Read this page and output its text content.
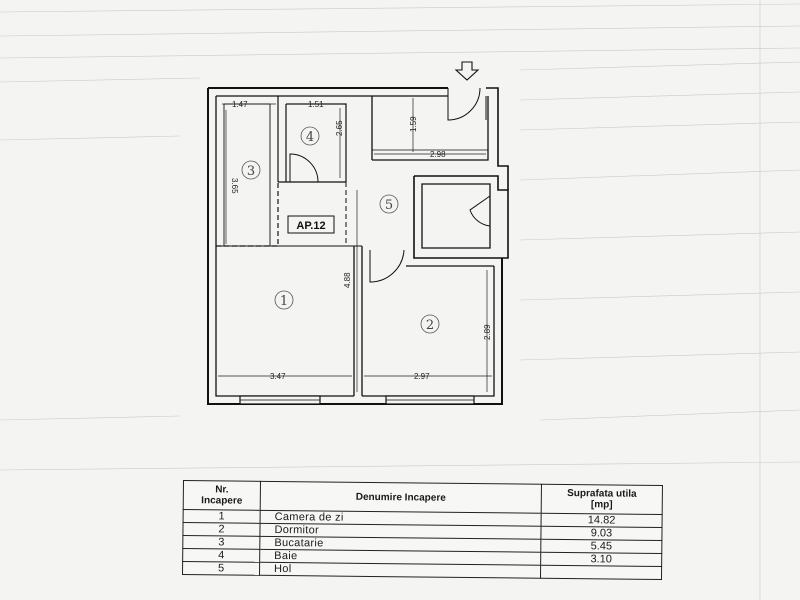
1.47	1.51
3.65
2.65	1.59
2.98
4.88
2.89
3.47	2.97
AP.12
1
2
3
4
5
Nr.
Incapere	Denumire Incapere	Suprafata utila
[mp]
1	Camera de zi	14.82
2	Dormitor	9.03
3	Bucatarie	5.45
4	Baie	3.10
5	Hol	
